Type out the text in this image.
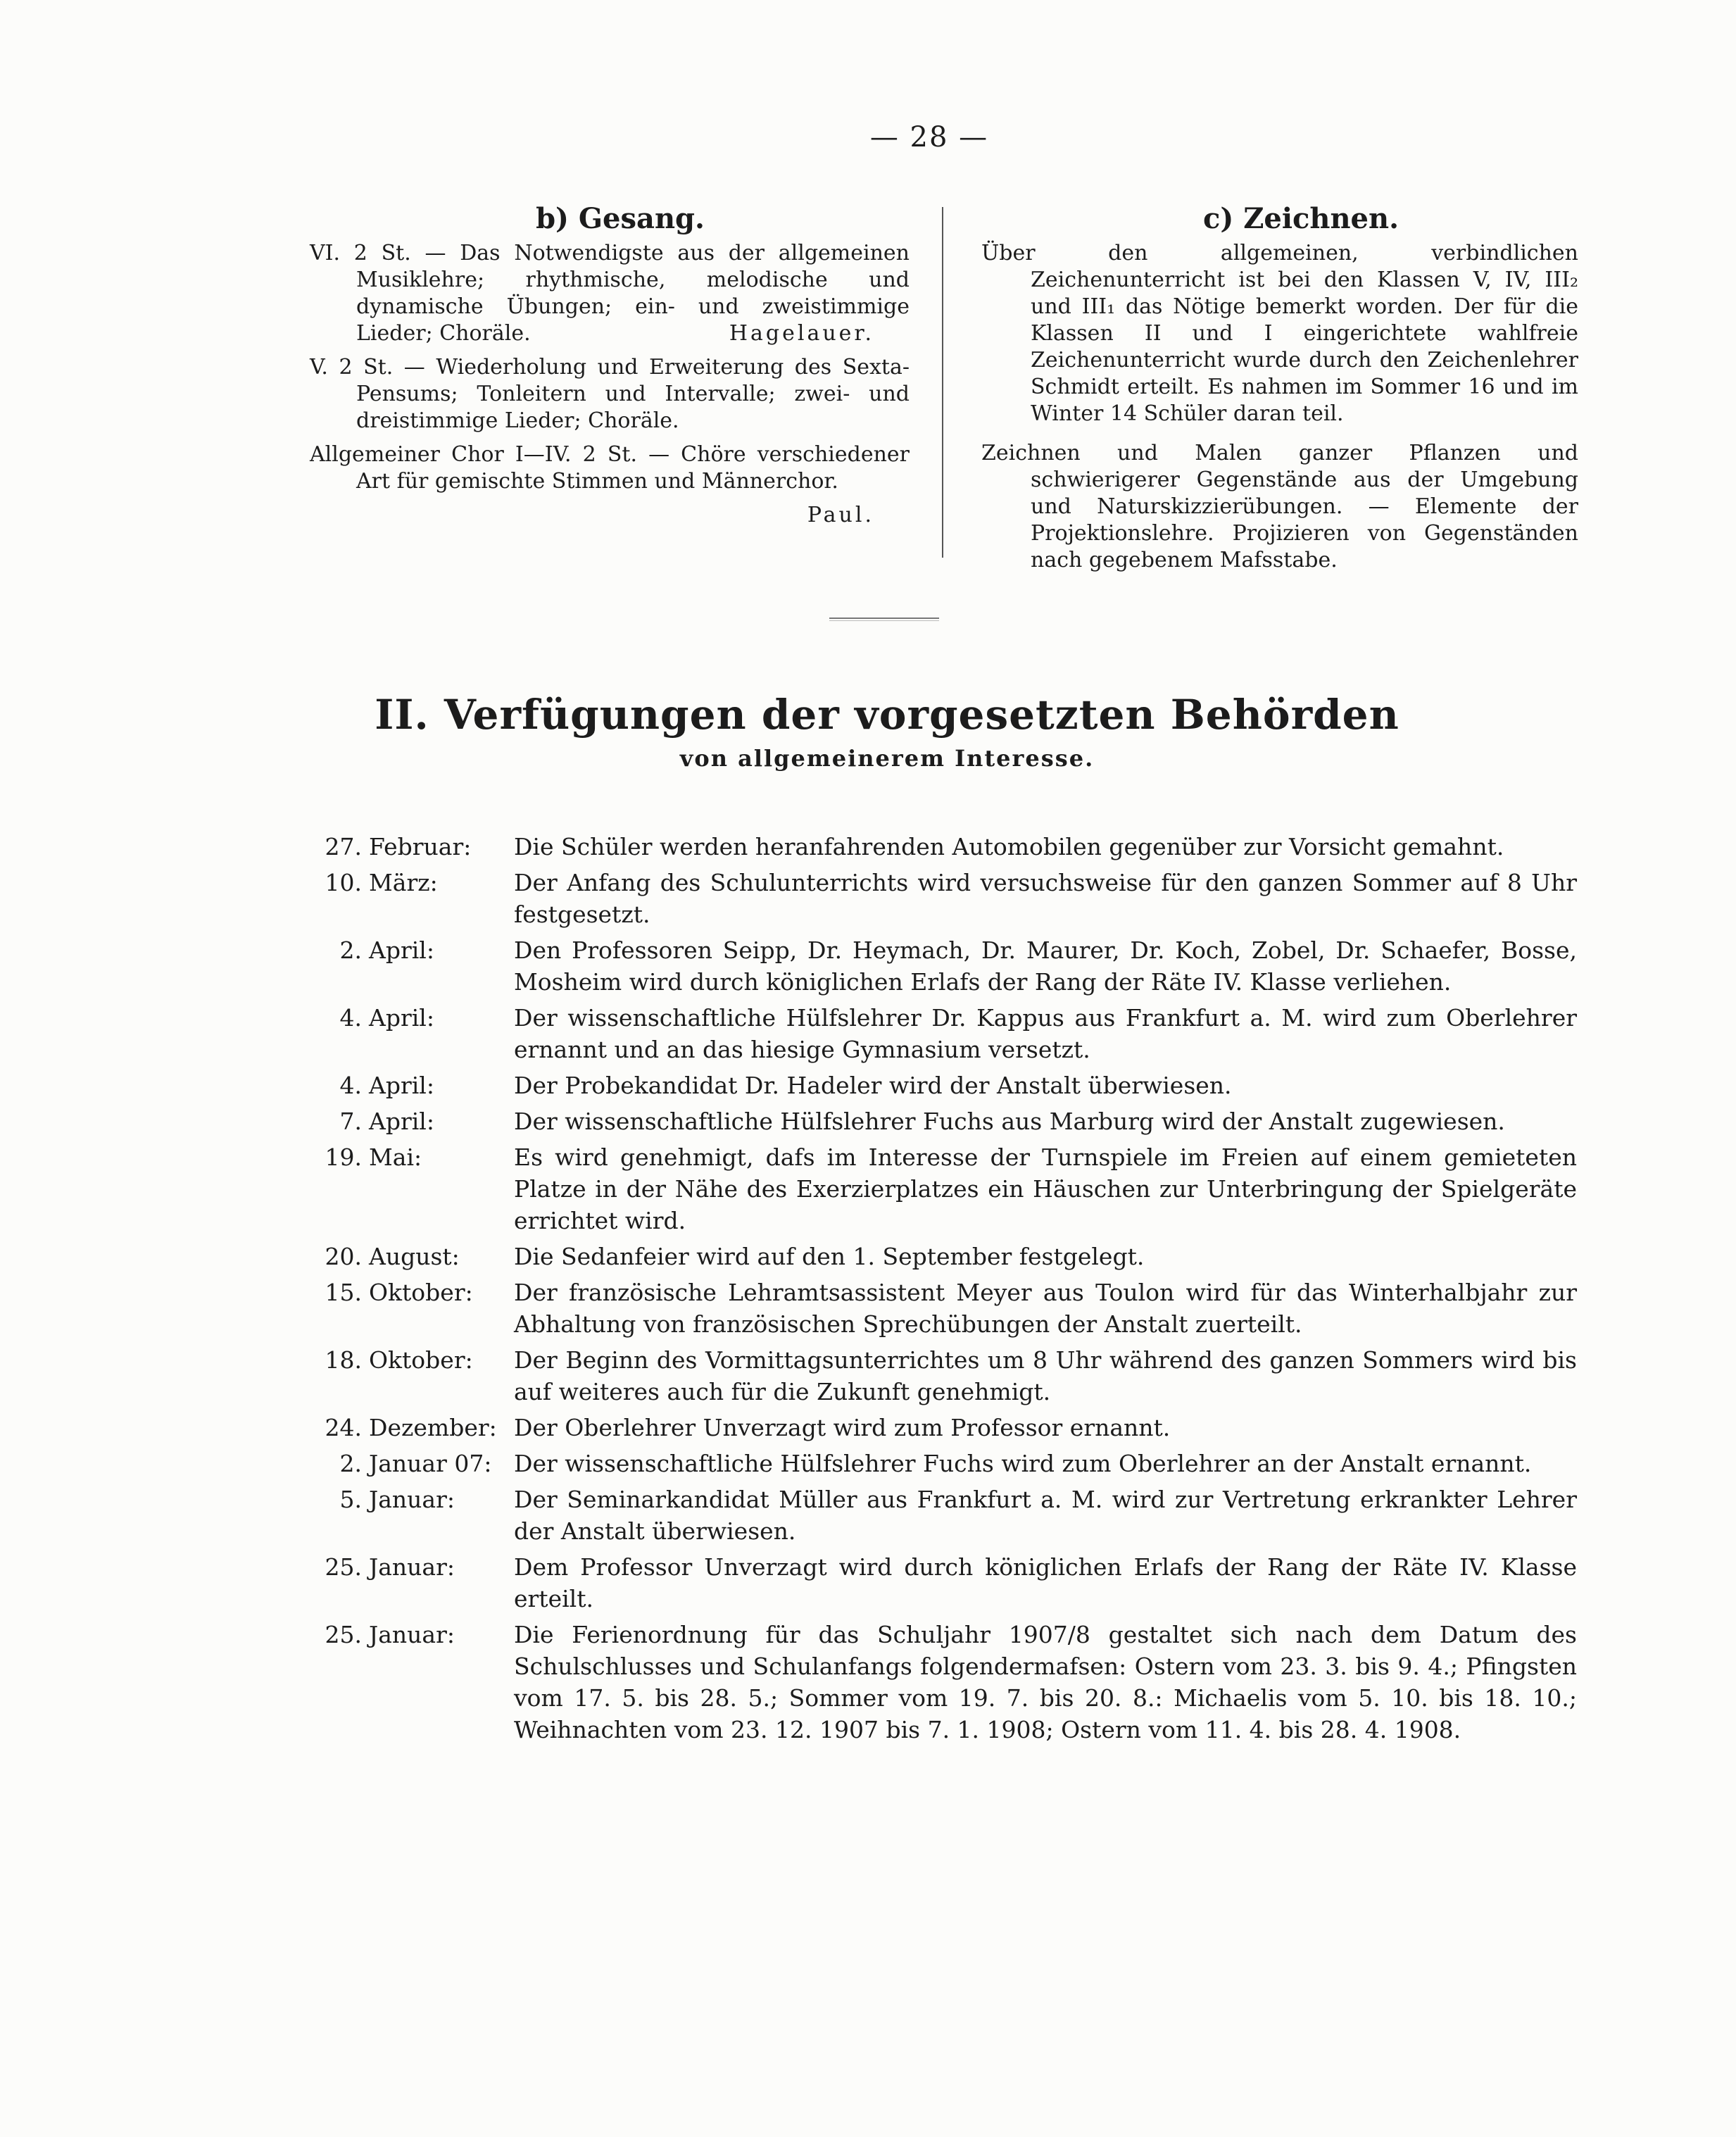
— 28 —
b) Gesang.
VI. 2 St. — Das Notwendigste aus der allgemeinen Musiklehre; rhythmische, melodische und dynamische Übungen; ein- und zweistimmige Lieder; Choräle.	Hagelauer.
V. 2 St. — Wiederholung und Erweiterung des Sexta-Pensums; Tonleitern und Intervalle; zwei- und dreistimmige Lieder; Choräle.
Allgemeiner Chor I—IV. 2 St. — Chöre verschiedener Art für gemischte Stimmen und Männerchor.
Paul.
c) Zeichnen.
Über den allgemeinen, verbindlichen Zeichenunterricht ist bei den Klassen V, IV, III₂ und III₁ das Nötige bemerkt worden. Der für die Klassen II und I eingerichtete wahlfreie Zeichenunterricht wurde durch den Zeichenlehrer Schmidt erteilt. Es nahmen im Sommer 16 und im Winter 14 Schüler daran teil.
Zeichnen und Malen ganzer Pflanzen und schwierigerer Gegenstände aus der Umgebung und Naturskizzierübungen. — Elemente der Projektionslehre. Projizieren von Gegenständen nach gegebenem Mafsstabe.
II. Verfügungen der vorgesetzten Behörden
von allgemeinerem Interesse.
27. Februar:	Die Schüler werden heranfahrenden Automobilen gegenüber zur Vorsicht gemahnt.
10. März:	Der Anfang des Schulunterrichts wird versuchsweise für den ganzen Sommer auf 8 Uhr festgesetzt.
2. April:	Den Professoren Seipp, Dr. Heymach, Dr. Maurer, Dr. Koch, Zobel, Dr. Schaefer, Bosse, Mosheim wird durch königlichen Erlafs der Rang der Räte IV. Klasse verliehen.
4. April:	Der wissenschaftliche Hülfslehrer Dr. Kappus aus Frankfurt a. M. wird zum Oberlehrer ernannt und an das hiesige Gymnasium versetzt.
4. April:	Der Probekandidat Dr. Hadeler wird der Anstalt überwiesen.
7. April:	Der wissenschaftliche Hülfslehrer Fuchs aus Marburg wird der Anstalt zugewiesen.
19. Mai:	Es wird genehmigt, dafs im Interesse der Turnspiele im Freien auf einem gemieteten Platze in der Nähe des Exerzierplatzes ein Häuschen zur Unterbringung der Spielgeräte errichtet wird.
20. August:	Die Sedanfeier wird auf den 1. September festgelegt.
15. Oktober:	Der französische Lehramtsassistent Meyer aus Toulon wird für das Winterhalbjahr zur Abhaltung von französischen Sprechübungen der Anstalt zuerteilt.
18. Oktober:	Der Beginn des Vormittagsunterrichtes um 8 Uhr während des ganzen Sommers wird bis auf weiteres auch für die Zukunft genehmigt.
24. Dezember: Der Oberlehrer Unverzagt wird zum Professor ernannt.
2. Januar 07: Der wissenschaftliche Hülfslehrer Fuchs wird zum Oberlehrer an der Anstalt ernannt.
5. Januar:	Der Seminarkandidat Müller aus Frankfurt a. M. wird zur Vertretung erkrankter Lehrer der Anstalt überwiesen.
25. Januar:	Dem Professor Unverzagt wird durch königlichen Erlafs der Rang der Räte IV. Klasse erteilt.
25. Januar:	Die Ferienordnung für das Schuljahr 1907/8 gestaltet sich nach dem Datum des Schulschlusses und Schulanfangs folgendermafsen: Ostern vom 23. 3. bis 9. 4.; Pfingsten vom 17. 5. bis 28. 5.; Sommer vom 19. 7. bis 20. 8.: Michaelis vom 5. 10. bis 18. 10.; Weihnachten vom 23. 12. 1907 bis 7. 1. 1908; Ostern vom 11. 4. bis 28. 4. 1908.
